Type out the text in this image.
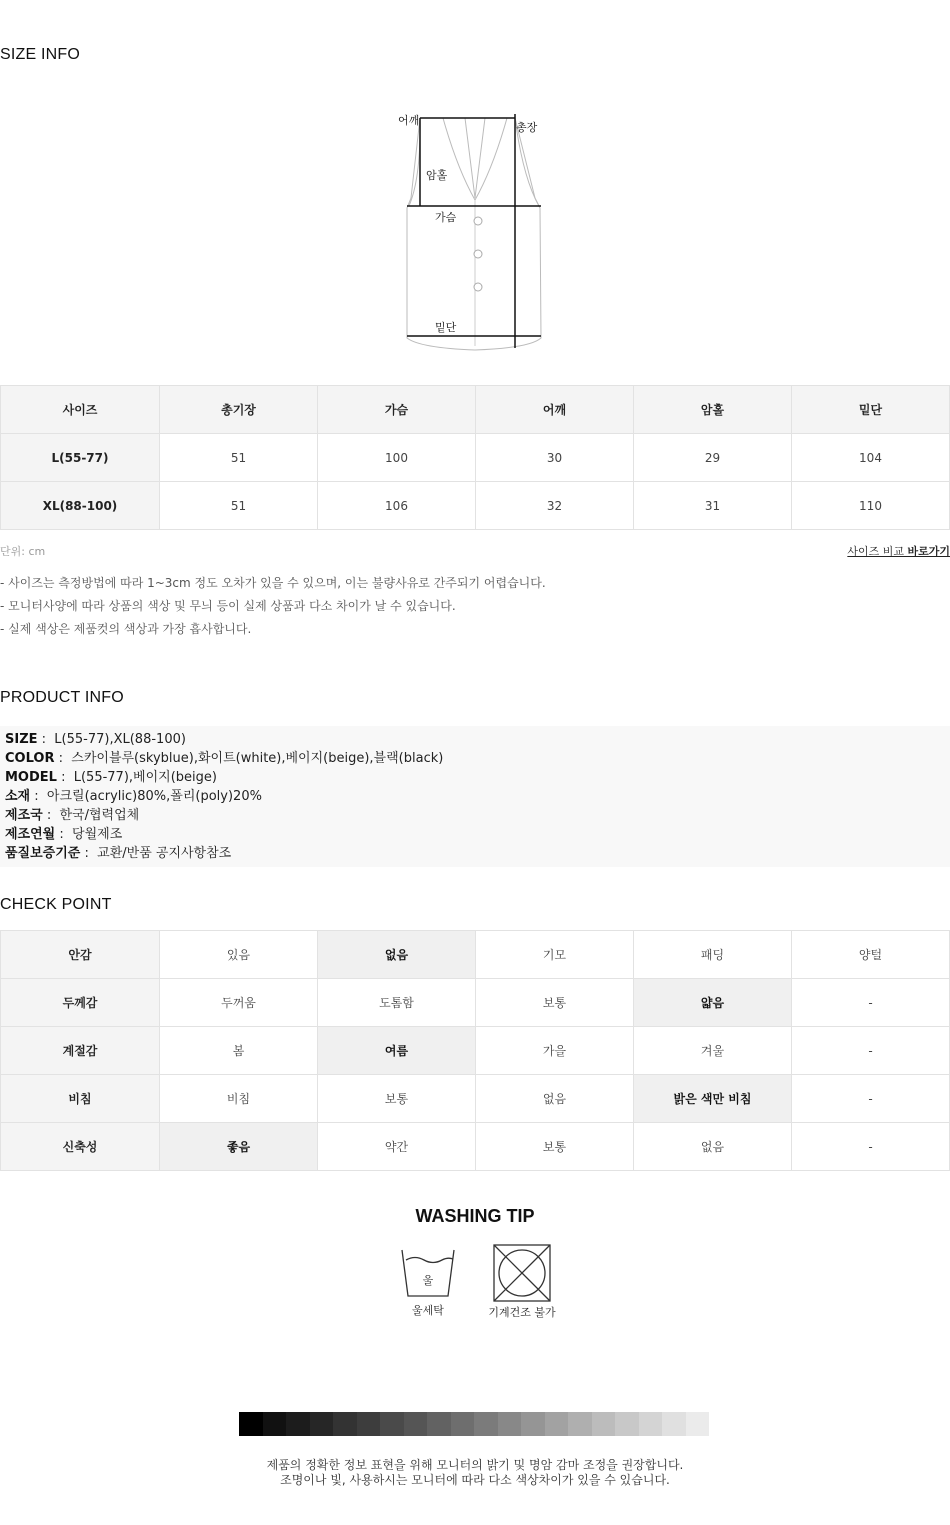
SIZE INFO
어깨
총장
암홀
가슴
밑단
사이즈	총기장	가슴	어깨	암홀	밑단
L(55-77)	51	100	30	29	104
XL(88-100)	51	106	32	31	110
단위: cm	사이즈 비교 바로가기
- 사이즈는 측정방법에 따라 1~3cm 정도 오차가 있을 수 있으며, 이는 불량사유로 간주되기 어렵습니다.
- 모니터사양에 따라 상품의 색상 및 무늬 등이 실제 상품과 다소 차이가 날 수 있습니다.
- 실제 색상은 제품컷의 색상과 가장 흡사합니다.
PRODUCT INFO
SIZE :  L(55-77),XL(88-100)
COLOR :  스카이블루(skyblue),화이트(white),베이지(beige),블랙(black)
MODEL :  L(55-77),베이지(beige)
소재 :  아크릴(acrylic)80%,폴리(poly)20%
제조국 :  한국/협력업체
제조연월 :  당월제조
품질보증기준 :  교환/반품 공지사항참조
CHECK POINT
안감	있음	없음	기모	패딩	양털
두께감	두꺼움	도톰함	보통	얇음	-
계절감	봄	여름	가을	겨울	-
비침	비침	보통	없음	밝은 색만 비침	-
신축성	좋음	약간	보통	없음	-
WASHING TIP
울
울세탁	기계건조 불가
제품의 정확한 정보 표현을 위해 모니터의 밝기 및 명암 감마 조정을 권장합니다.
조명이나 빛, 사용하시는 모니터에 따라 다소 색상차이가 있을 수 있습니다.
